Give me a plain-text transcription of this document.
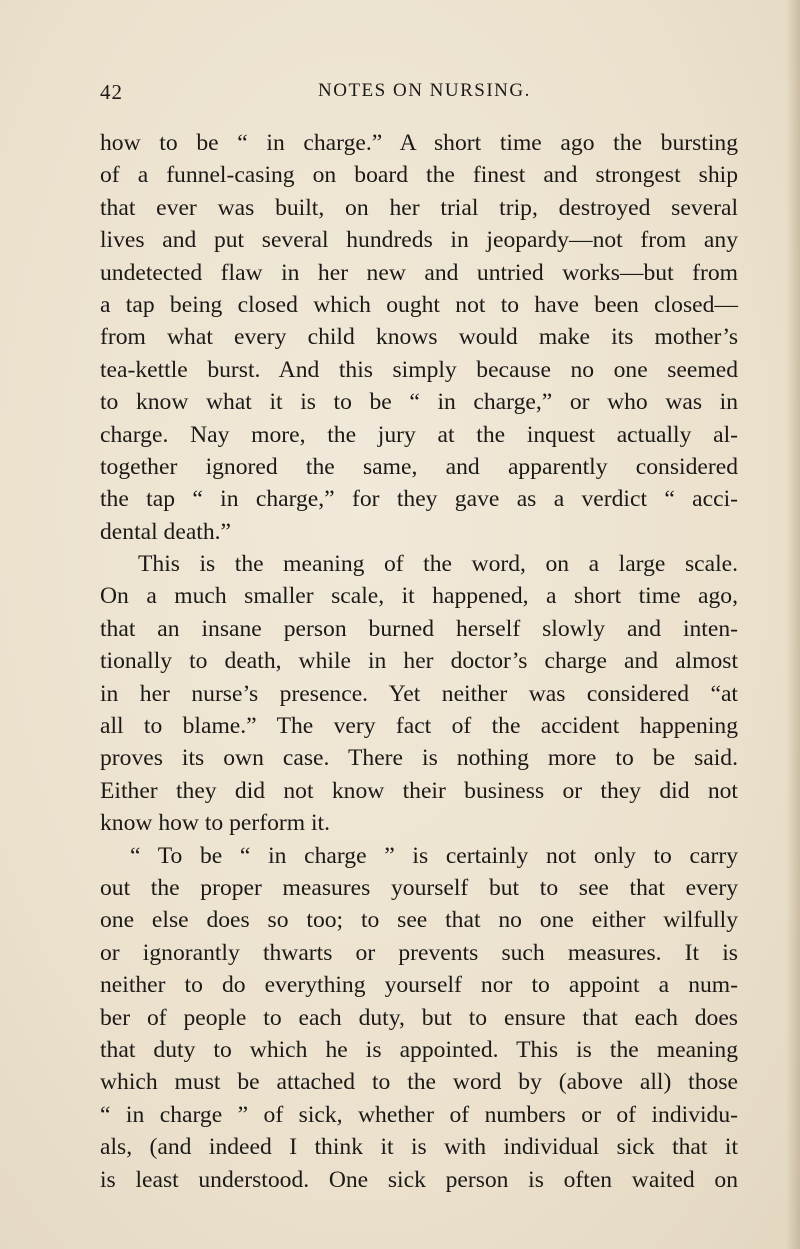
42	NOTES ON NURSING.
how to be “ in charge.” A short time ago the bursting
of a funnel-casing on board the finest and strongest ship
that ever was built, on her trial trip, destroyed several
lives and put several hundreds in jeopardy—not from any
undetected flaw in her new and untried works—but from
a tap being closed which ought not to have been closed—
from what every child knows would make its mother’s
tea-kettle burst. And this simply because no one seemed
to know what it is to be “ in charge,” or who was in
charge. Nay more, the jury at the inquest actually al-
together ignored the same, and apparently considered
the tap “ in charge,” for they gave as a verdict “ acci-
dental death.”
This is the meaning of the word, on a large scale.
On a much smaller scale, it happened, a short time ago,
that an insane person burned herself slowly and inten-
tionally to death, while in her doctor’s charge and almost
in her nurse’s presence. Yet neither was considered “at
all to blame.” The very fact of the accident happening
proves its own case. There is nothing more to be said.
Either they did not know their business or they did not
know how to perform it.
“ To be “ in charge ” is certainly not only to carry
out the proper measures yourself but to see that every
one else does so too; to see that no one either wilfully
or ignorantly thwarts or prevents such measures. It is
neither to do everything yourself nor to appoint a num-
ber of people to each duty, but to ensure that each does
that duty to which he is appointed. This is the meaning
which must be attached to the word by (above all) those
“ in charge ” of sick, whether of numbers or of individu-
als, (and indeed I think it is with individual sick that it
is least understood. One sick person is often waited on
